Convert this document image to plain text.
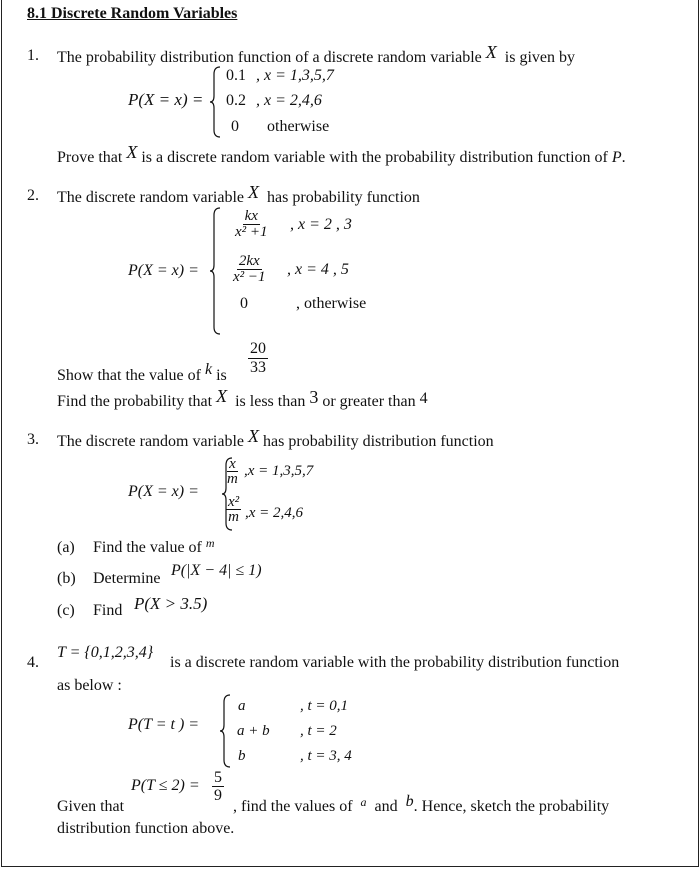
8.1 Discrete Random Variables
1. The probability distribution function of a discrete random variable X is given by
P(X = x) =
0.1 , x = 1,3,5,7
0.2 , x = 2,4,6
0 otherwise
Prove that X is a discrete random variable with the probability distribution function of P.
2. The discrete random variable X has probability function
P(X = x) =
$\frac{kx}{\text{x² +1}}$ , x = 2 , 3
$\frac{2kx}{\text{x² −1}}$ , x = 4 , 5
0	, otherwise
Show that the value of k is $\frac{20}{33}$
Find the probability that X is less than 3 or greater than 4
3. The discrete random variable X has probability distribution function
P(X = x) =
$\frac{x}{m} ,x = 1,3,5,7$
$\frac{\text{x²}}{m} ,x = 2,4,6$
(a) Find the value of $^m$
(b) Determine P(|X − 4| ≤ 1)
(c) Find P(X > 3.5)
4.
T = {0,1,2,3,4}
is a discrete random variable with the probability distribution function
as below :
P(T = t ) =
a	, t = 0,1
a + b , t = 2
b	, t = 3, 4
Given that
$P(T \le 2) = \frac{5}{9}$
, find the values of $^a$ and b. Hence, sketch the probability
distribution function above.
